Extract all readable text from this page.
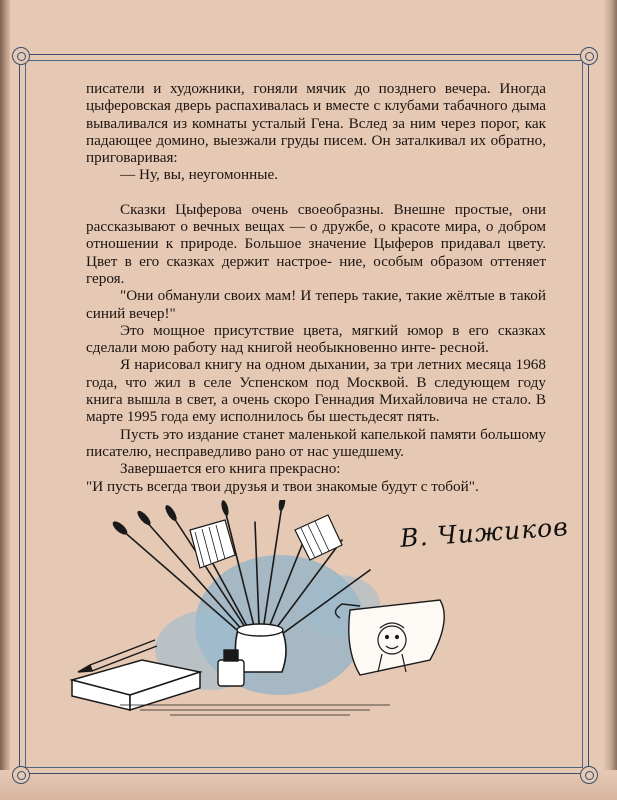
писатели и художники, гоняли мячик до позднего вечера. Иногда цыферовская дверь распахивалась и вместе с клубами табачного дыма вываливался из комнаты усталый Гена. Вслед за ним через порог, как падающее домино, выезжали груды писем. Он заталкивал их обратно, приговаривая:

— Ну, вы, неугомонные.

Сказки Цыферова очень своеобразны. Внешне простые, они рассказывают о вечных вещах — о дружбе, о красоте мира, о добром отношении к природе. Большое значение Цыферов придавал цвету. Цвет в его сказках держит настрое- ние, особым образом оттеняет героя.

"Они обманули своих мам! И теперь такие, такие жёлтые в такой синий вечер!"

Это мощное присутствие цвета, мягкий юмор в его сказках сделали мою работу над книгой необыкновенно инте- ресной.

Я нарисовал книгу на одном дыхании, за три летних месяца 1968 года, что жил в селе Успенском под Москвой. В следующем году книга вышла в свет, а очень скоро Геннадия Михайловича не стало. В марте 1995 года ему исполнилось бы шестьдесят пять.

Пусть это издание станет маленькой капелькой памяти большому писателю, несправедливо рано от нас ушедшему.

Завершается его книга прекрасно:

"И пусть всегда твои друзья и твои знакомые будут с тобой".

В. Чижиков
